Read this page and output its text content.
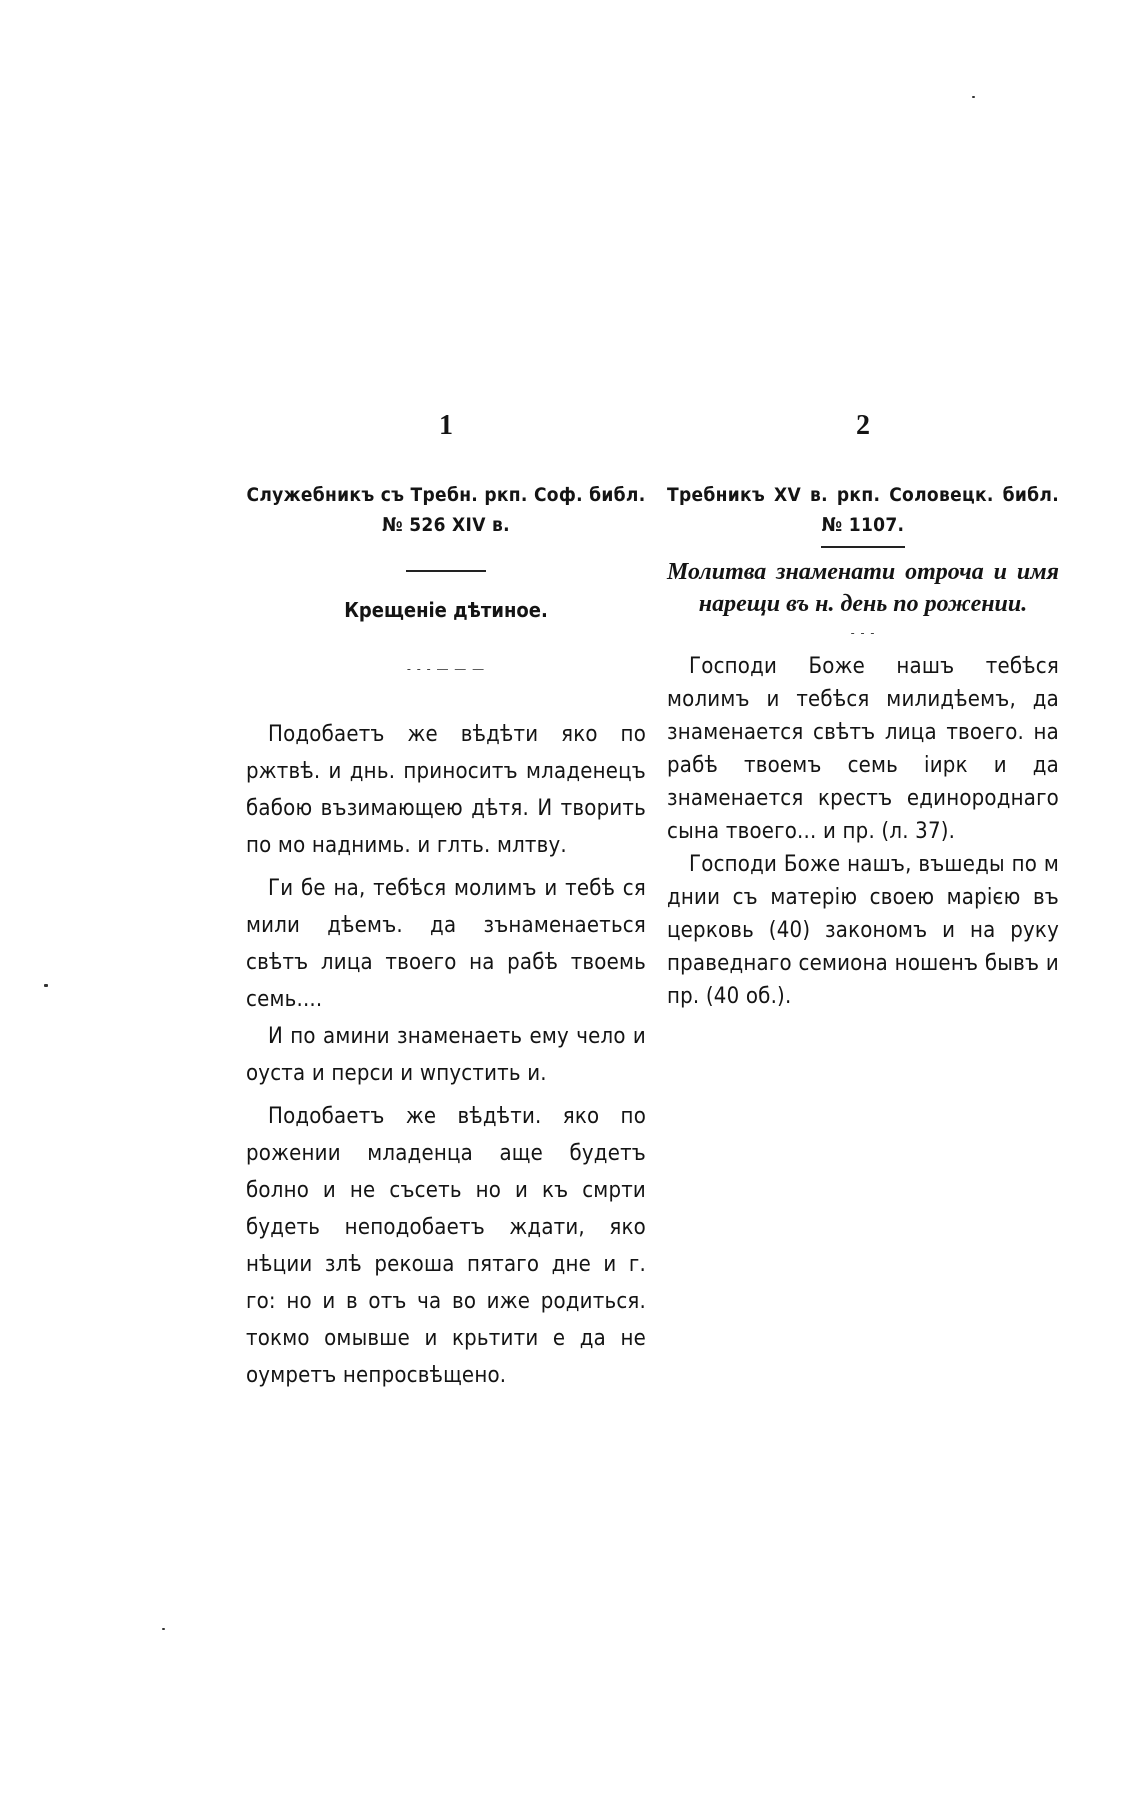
1

Служебникъ съ Требн. ркп. Соф. библ. № 526 XIV в.

Крещеніе дѣтиное.
- - - — — —

Подобаетъ же вѣдѣти яко по ржтвѣ. и днь. приноситъ младенецъ бабою възимающею дѣтя. И творить по мо наднимь. и глть. млтву.

Ги бе на, тебѣся молимъ и тебѣ ся мили дѣемъ. да зънаменаеться свѣтъ лица твоего на рабѣ твоемь семь....

И по амини знаменаеть ему чело и оуста и перси и wпустить и.

Подобаетъ же вѣдѣти. яко по рожении младенца аще будетъ болно и не съсеть но и къ смрти будеть неподобаетъ ждати, яко нѣции злѣ рекоша пятаго дне и г. го: но и в отъ ча во иже родиться. токмо омывше и крьтити е да не оумретъ непросвѣщено.

2

Требникъ XV в. ркп. Соловецк. библ. № 1107.

Молитва знаменати отроча и имя нарещи въ н. день по рожении.
- - -

Господи Боже нашъ тебѣся молимъ и тебѣся милидѣемъ, да знаменается свѣтъ лица твоего. на рабѣ твоемъ семь іирк и да знаменается крестъ единороднаго сына твоего... и пр. (л. 37).

Господи Боже нашъ, въшеды по м днии съ матерію своею марією въ церковь (40) закономъ и на руку праведнаго семиона ношенъ бывъ и пр. (40 об.).
